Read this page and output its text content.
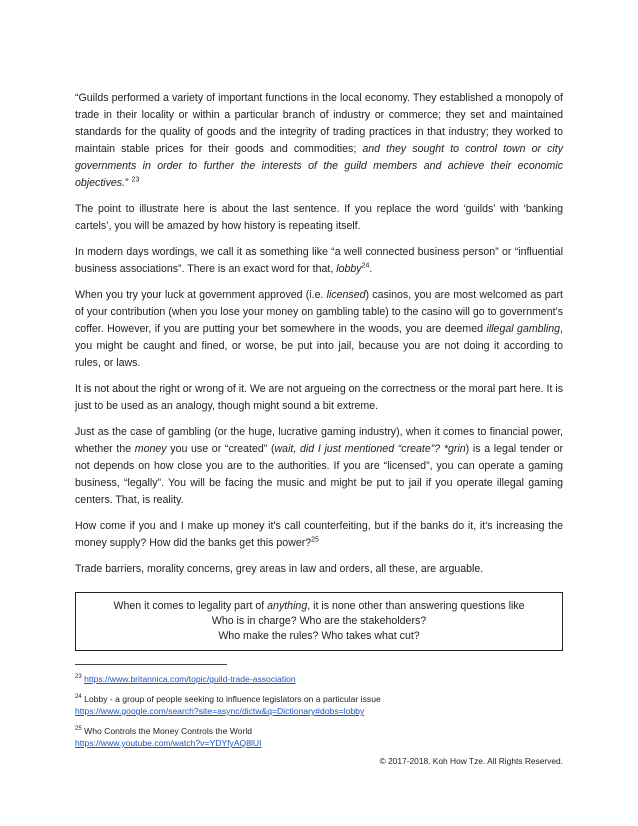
“Guilds performed a variety of important functions in the local economy. They established a monopoly of trade in their locality or within a particular branch of industry or commerce; they set and maintained standards for the quality of goods and the integrity of trading practices in that industry; they worked to maintain stable prices for their goods and commodities; and they sought to control town or city governments in order to further the interests of the guild members and achieve their economic objectives.” $^{23}$

The point to illustrate here is about the last sentence. If you replace the word ‘guilds’ with ‘banking cartels’, you will be amazed by how history is repeating itself.

In modern days wordings, we call it as something like “a well connected business person” or “influential business associations”. There is an exact word for that, lobby$^{24}$.

When you try your luck at government approved (i.e. licensed) casinos, you are most welcomed as part of your contribution (when you lose your money on gambling table) to the casino will go to government’s coffer. However, if you are putting your bet somewhere in the woods, you are deemed illegal gambling, you might be caught and fined, or worse, be put into jail, because you are not doing it according to rules, or laws.

It is not about the right or wrong of it. We are not argueing on the correctness or the moral part here. It is just to be used as an analogy, though might sound a bit extreme.

Just as the case of gambling (or the huge, lucrative gaming industry), when it comes to financial power, whether the money you use or “created” (wait, did I just mentioned “create”? *grin) is a legal tender or not depends on how close you are to the authorities. If you are “licensed”, you can operate a gaming business, “legally”. You will be facing the music and might be put to jail if you operate illegal gaming centers. That, is reality.

How come if you and I make up money it's call counterfeiting, but if the banks do it, it's increasing the money supply? How did the banks get this power?$^{25}$

Trade barriers, morality concerns, grey areas in law and orders, all these, are arguable.

When it comes to legality part of anything, it is none other than answering questions like
Who is in charge? Who are the stakeholders?
Who make the rules? Who takes what cut?
$^{23}$ https://www.britannica.com/topic/guild-trade-association
$^{24}$ Lobby - a group of people seeking to influence legislators on a particular issue
https://www.google.com/search?site=async/dictw&q=Dictionary#dobs=lobby
$^{25}$ Who Controls the Money Controls the World
https://www.youtube.com/watch?v=YDYfyAQ8lUI
© 2017-2018. Koh How Tze. All Rights Reserved.
